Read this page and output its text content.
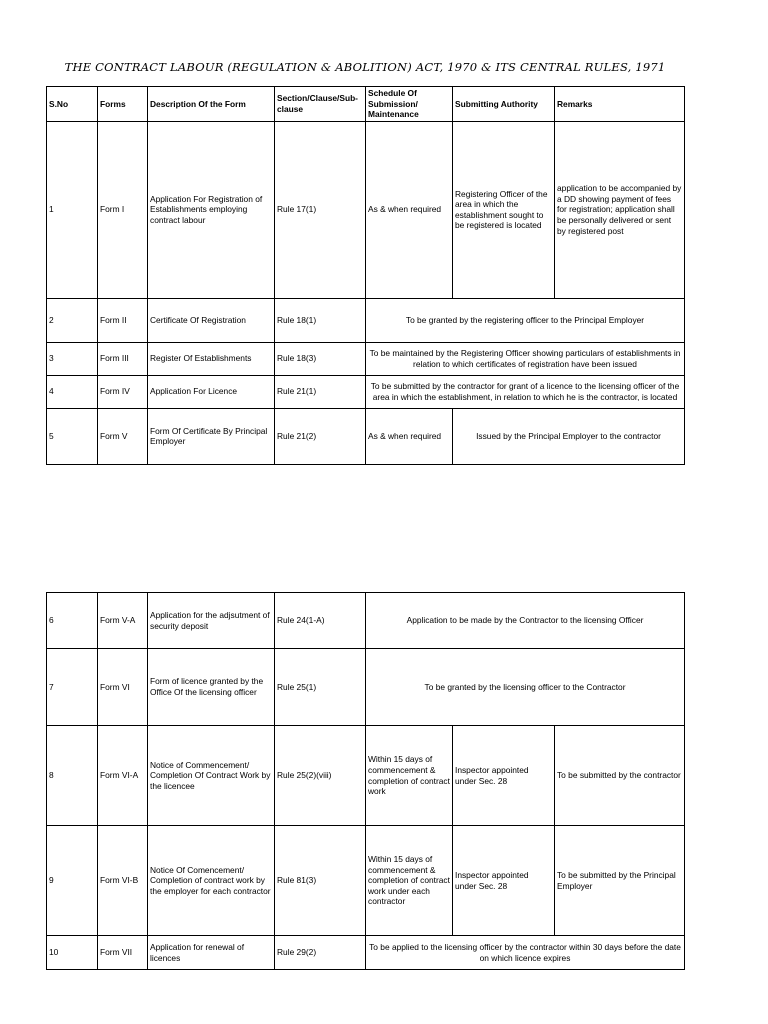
THE CONTRACT LABOUR (REGULATION & ABOLITION) ACT, 1970 & ITS CENTRAL RULES, 1971
S.No	Forms	Description Of the Form	Section/Clause/Sub-clause	Schedule Of Submission/ Maintenance	Submitting Authority	Remarks
1	Form I	Application For Registration of Establishments employing contract labour	Rule 17(1)	As & when required	Registering Officer of the area in which the establishment sought to be registered is located	application to be accompanied by a DD showing payment of fees for registration; application shall be personally delivered or sent by registered post
2	Form II	Certificate Of Registration	Rule 18(1)	To be granted by the registering officer to the Principal Employer		
3	Form III	Register Of Establishments	Rule 18(3)	To be maintained by the Registering Officer showing particulars of establishments in relation to which certificates of registration have been issued		
4	Form IV	Application For Licence	Rule 21(1)	To be submitted by the contractor for grant of a licence to the licensing officer of the area in which the establishment, in relation to which he is the contractor, is located		
5	Form V	Form Of Certificate By Principal Employer	Rule 21(2)	As & when required	Issued by the Principal Employer to the contractor	
6	Form V-A	Application for the adjsutment of security deposit	Rule 24(1-A)	Application to be made by the Contractor to the licensing Officer		
7	Form VI	Form of licence granted by the Office Of the licensing officer	Rule 25(1)	To be granted by the licensing officer to the Contractor		
8	Form VI-A	Notice of Commencement/ Completion Of Contract Work by the licencee	Rule 25(2)(viii)	Within 15 days of commencement & completion of contract work	Inspector appointed under Sec. 28	To be submitted by the contractor
9	Form VI-B	Notice Of Comencement/ Completion of contract work by the employer for each contractor	Rule 81(3)	Within 15 days of commencement & completion of contract work under each contractor	Inspector appointed under Sec. 28	To be submitted by the Principal Employer
10	Form VII	Application for renewal of licences	Rule 29(2)	To be applied to the licensing officer by the contractor within 30 days before the date on which licence expires		
